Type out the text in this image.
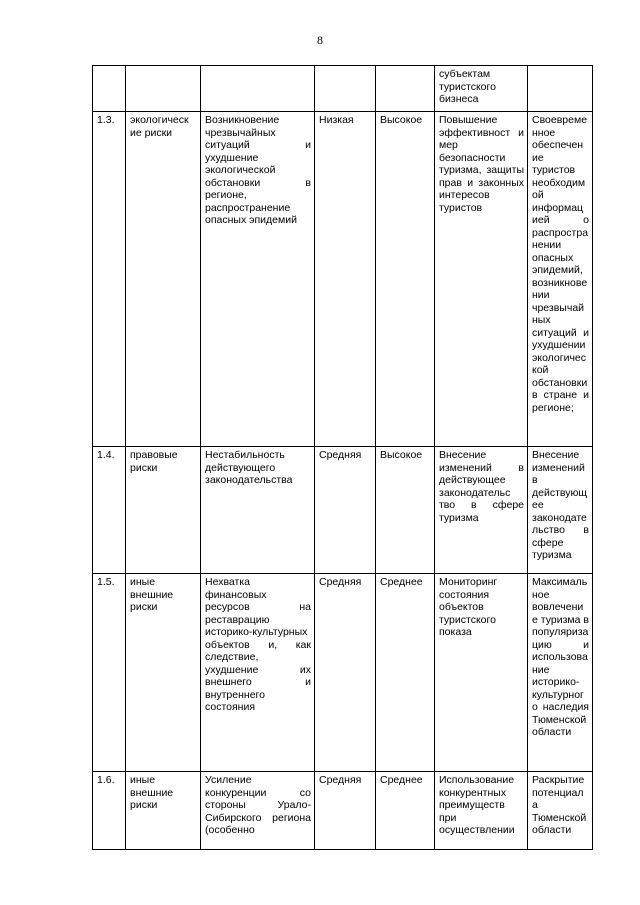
8
					субъектам туристского бизнеса	
1.3.	экологическ ие риски	Возникновение чрезвычайных ситуаций и ухудшение экологической обстановки в регионе, распространение опасных эпидемий	Низкая	Высокое	Повышение эффективност и мер безопасности туризма, защиты прав и законных интересов туристов	Своевреме нное обеспечен ие туристов необходим ой информац ией о распростра нении опасных эпидемий, возникнове нии чрезвычай ных ситуаций и ухудшении экологичес кой обстановки в стране и регионе;
1.4.	правовые риски	Нестабильность действующего законодательства	Средняя	Высокое	Внесение изменений в действующее законодательс тво в сфере туризма	Внесение изменений в действующ ее законодате льство в сфере туризма
1.5.	иные внешние риски	Нехватка финансовых ресурсов на реставрацию историко-культурных объектов и, как следствие, ухудшение их внешнего и внутреннего состояния	Средняя	Среднее	Мониторинг состояния объектов туристского показа	Максималь ное вовлечени е туризма в популяриза цию и использова ние историко-культурног о наследия Тюменской области
1.6.	иные внешние риски	Усиление конкуренции со стороны Урало-Сибирского региона (особенно	Средняя	Среднее	Использование конкурентных преимуществ при осуществлении	Раскрытие потенциал а Тюменской области
